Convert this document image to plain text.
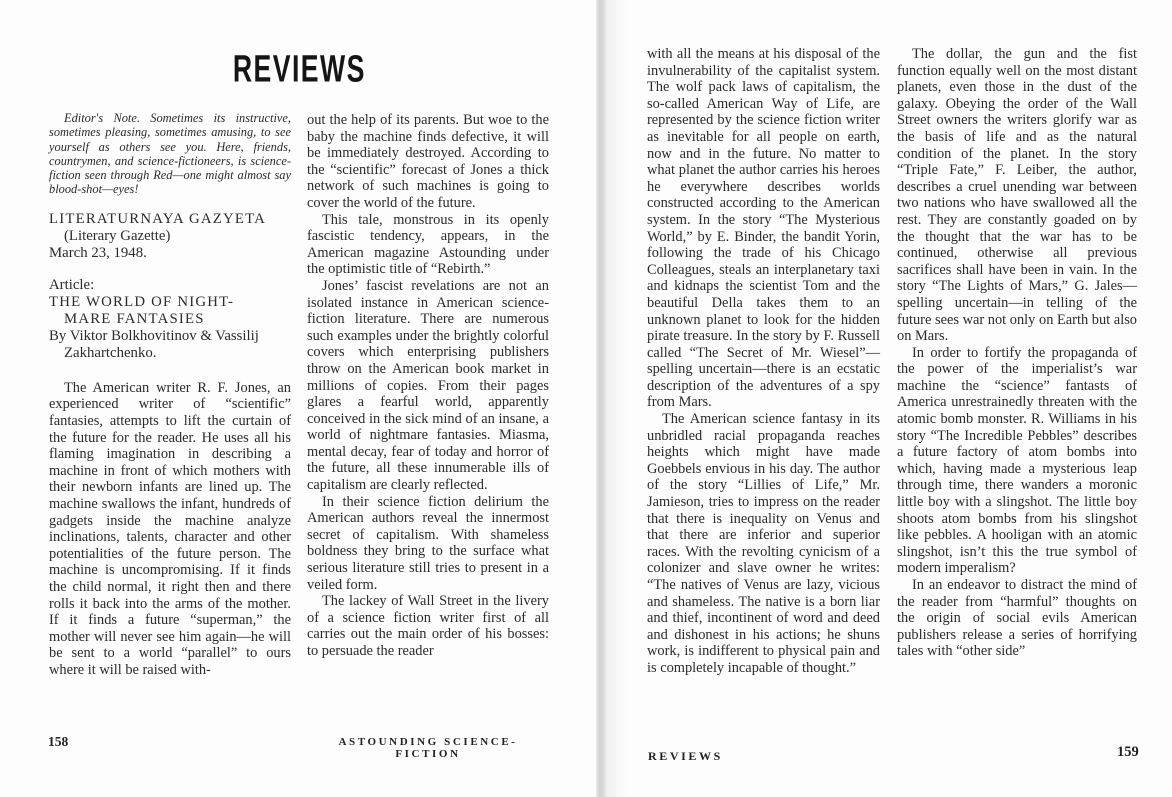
REVIEWS

Editor's Note. Sometimes its instructive, sometimes pleasing, sometimes amusing, to see yourself as others see you. Here, friends, countrymen, and science-fictioneers, is science-fiction seen through Red—one might almost say blood-shot—eyes!

LITERATURNAYA GAZYETA
(Literary Gazette)
March 23, 1948.
Article:
THE WORLD OF NIGHT-
MARE FANTASIES
By Viktor Bolkhovitinov & Vassilij
Zakhartchenko.

The American writer R. F. Jones, an experienced writer of “scientific” fantasies, attempts to lift the curtain of the future for the reader. He uses all his flaming imagination in describing a machine in front of which mothers with their newborn infants are lined up. The machine swallows the infant, hundreds of gadgets inside the machine analyze inclinations, talents, character and other potentialities of the future person. The machine is uncompromising. If it finds the child normal, it right then and there rolls it back into the arms of the mother. If it finds a future “superman,” the mother will never see him again—he will be sent to a world “parallel” to ours where it will be raised with-

out the help of its parents. But woe to the baby the machine finds defective, it will be immediately destroyed. According to the “scientific” forecast of Jones a thick network of such machines is going to cover the world of the future.

This tale, monstrous in its openly fascistic tendency, appears, in the American magazine Astounding under the optimistic title of “Rebirth.”

Jones’ fascist revelations are not an isolated instance in American science-fiction literature. There are numerous such examples under the brightly colorful covers which enterprising publishers throw on the American book market in millions of copies. From their pages glares a fearful world, apparently conceived in the sick mind of an insane, a world of nightmare fantasies. Miasma, mental decay, fear of today and horror of the future, all these innumerable ills of capitalism are clearly reflected.

In their science fiction delirium the American authors reveal the innermost secret of capitalism. With shameless boldness they bring to the surface what serious literature still tries to present in a veiled form.

The lackey of Wall Street in the livery of a science fiction writer first of all carries out the main order of his bosses: to persuade the reader

158	ASTOUNDING SCIENCE-FICTION

with all the means at his disposal of the invulnerability of the capitalist system. The wolf pack laws of capitalism, the so-called American Way of Life, are represented by the science fiction writer as inevitable for all people on earth, now and in the future. No matter to what planet the author carries his heroes he everywhere describes worlds constructed according to the American system. In the story “The Mysterious World,” by E. Binder, the bandit Yorin, following the trade of his Chicago Colleagues, steals an interplanetary taxi and kidnaps the scientist Tom and the beautiful Della takes them to an unknown planet to look for the hidden pirate treasure. In the story by F. Russell called “The Secret of Mr. Wiesel”—spelling uncertain—there is an ecstatic description of the adventures of a spy from Mars.

The American science fantasy in its unbridled racial propaganda reaches heights which might have made Goebbels envious in his day. The author of the story “Lillies of Life,” Mr. Jamieson, tries to impress on the reader that there is inequality on Venus and that there are inferior and superior races. With the revolting cynicism of a colonizer and slave owner he writes: “The natives of Venus are lazy, vicious and shameless. The native is a born liar and thief, incontinent of word and deed and dishonest in his actions; he shuns work, is indifferent to physical pain and is completely incapable of thought.”

The dollar, the gun and the fist function equally well on the most distant planets, even those in the dust of the galaxy. Obeying the order of the Wall Street owners the writers glorify war as the basis of life and as the natural condition of the planet. In the story “Triple Fate,” F. Leiber, the author, describes a cruel unending war between two nations who have swallowed all the rest. They are constantly goaded on by the thought that the war has to be continued, otherwise all previous sacrifices shall have been in vain. In the story “The Lights of Mars,” G. Jales—spelling uncertain—in telling of the future sees war not only on Earth but also on Mars.

In order to fortify the propaganda of the power of the imperialist’s war machine the “science” fantasts of America unrestrainedly threaten with the atomic bomb monster. R. Williams in his story “The Incredible Pebbles” describes a future factory of atom bombs into which, having made a mysterious leap through time, there wanders a moronic little boy with a slingshot. The little boy shoots atom bombs from his slingshot like pebbles. A hooligan with an atomic slingshot, isn’t this the true symbol of modern imperalism?

In an endeavor to distract the mind of the reader from “harmful” thoughts on the origin of social evils American publishers release a series of horrifying tales with “other side”

REVIEWS	159
